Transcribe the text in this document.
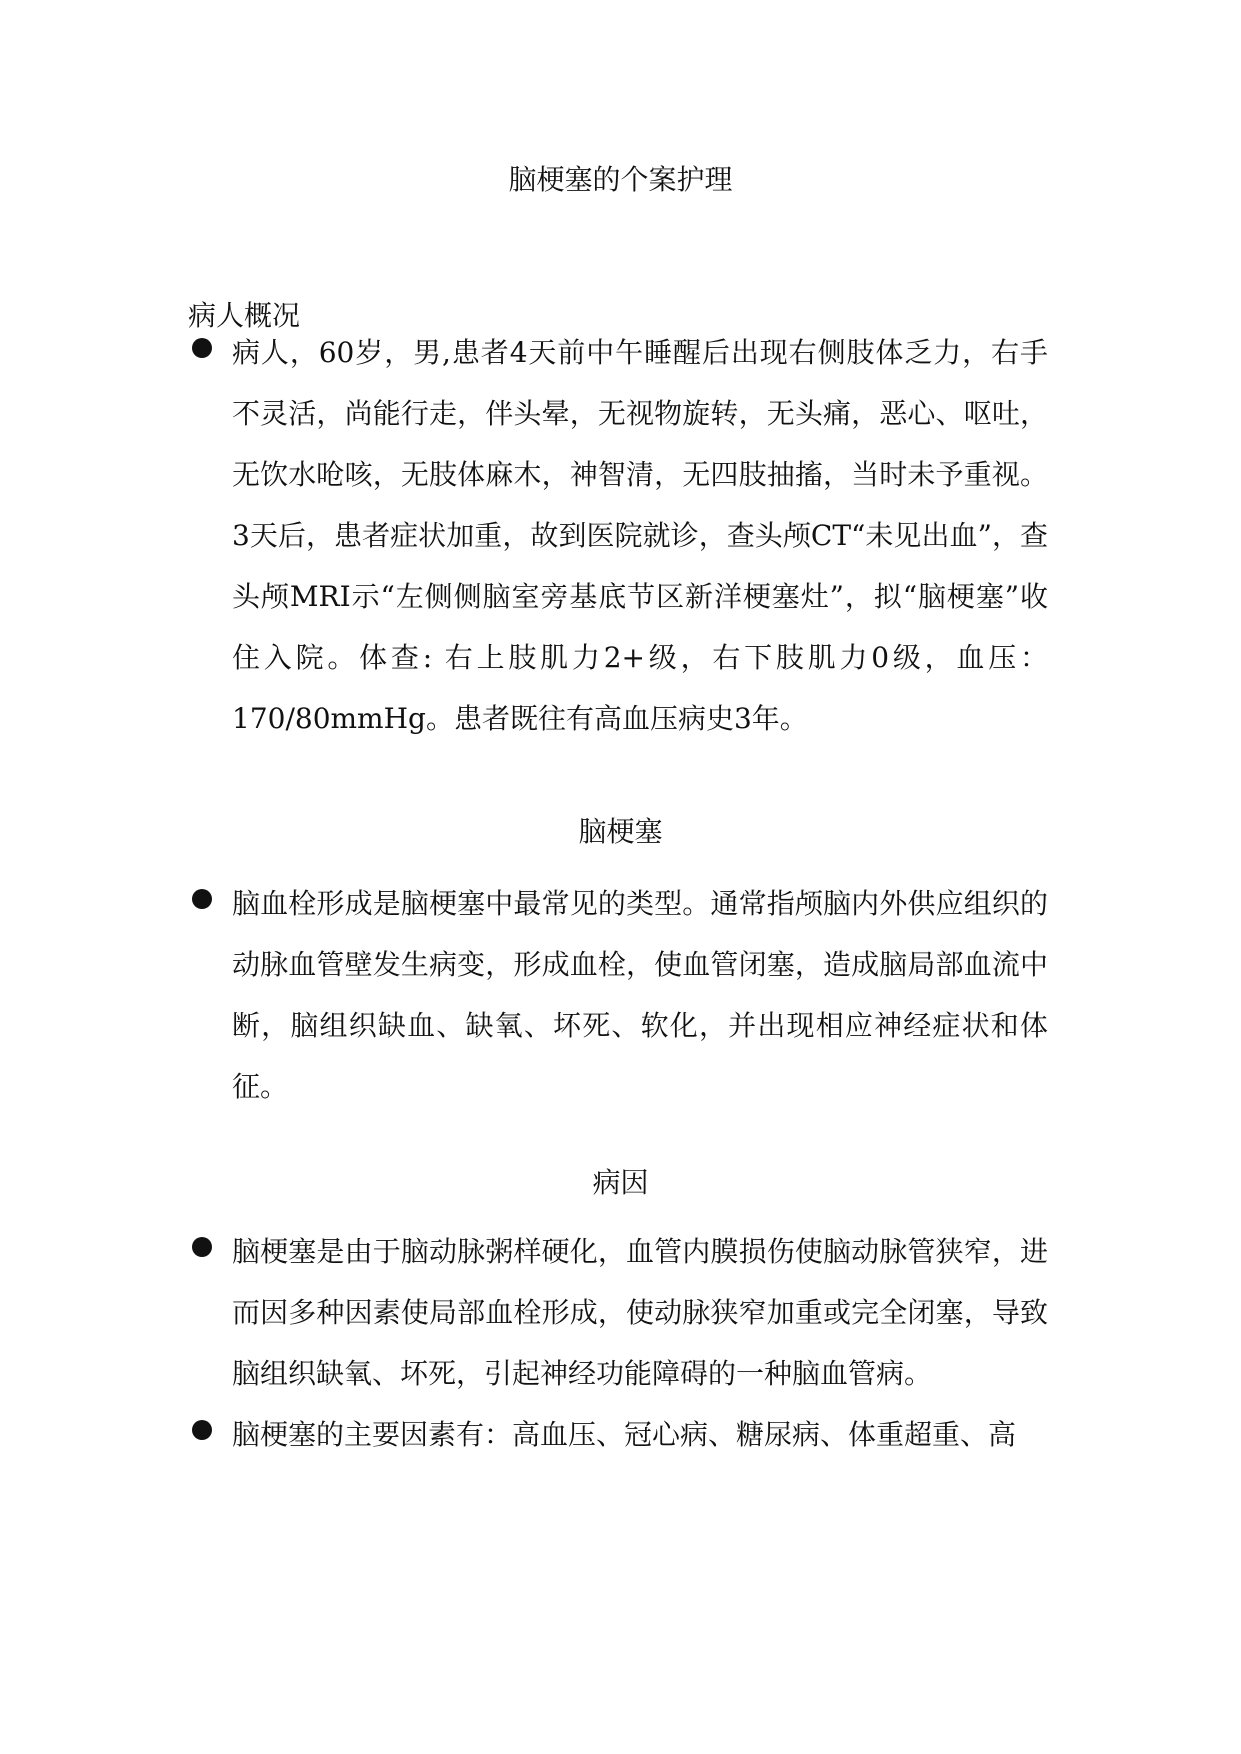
脑梗塞的个案护理
病人概况

病人，60岁，男,患者4天前中午睡醒后出现右侧肢体乏力，右手不灵活，尚能行走，伴头晕，无视物旋转，无头痛，恶心、呕吐，无饮水呛咳，无肢体麻木，神智清，无四肢抽搐，当时未予重视。3天后，患者症状加重，故到医院就诊，查头颅CT“未见出血”，查头颅MRI示“左侧侧脑室旁基底节区新洋梗塞灶”，拟“脑梗塞”收住入院。体查: 右上肢肌力2+级，右下肢肌力0级，血压：170/80mmHg。患者既往有高血压病史3年。

脑梗塞

脑血栓形成是脑梗塞中最常见的类型。通常指颅脑内外供应组织的动脉血管壁发生病变，形成血栓，使血管闭塞，造成脑局部血流中断，脑组织缺血、缺氧、坏死、软化，并出现相应神经症状和体征。

病因

脑梗塞是由于脑动脉粥样硬化，血管内膜损伤使脑动脉管狭窄，进而因多种因素使局部血栓形成，使动脉狭窄加重或完全闭塞，导致脑组织缺氧、坏死，引起神经功能障碍的一种脑血管病。

脑梗塞的主要因素有：高血压、冠心病、糖尿病、体重超重、高
